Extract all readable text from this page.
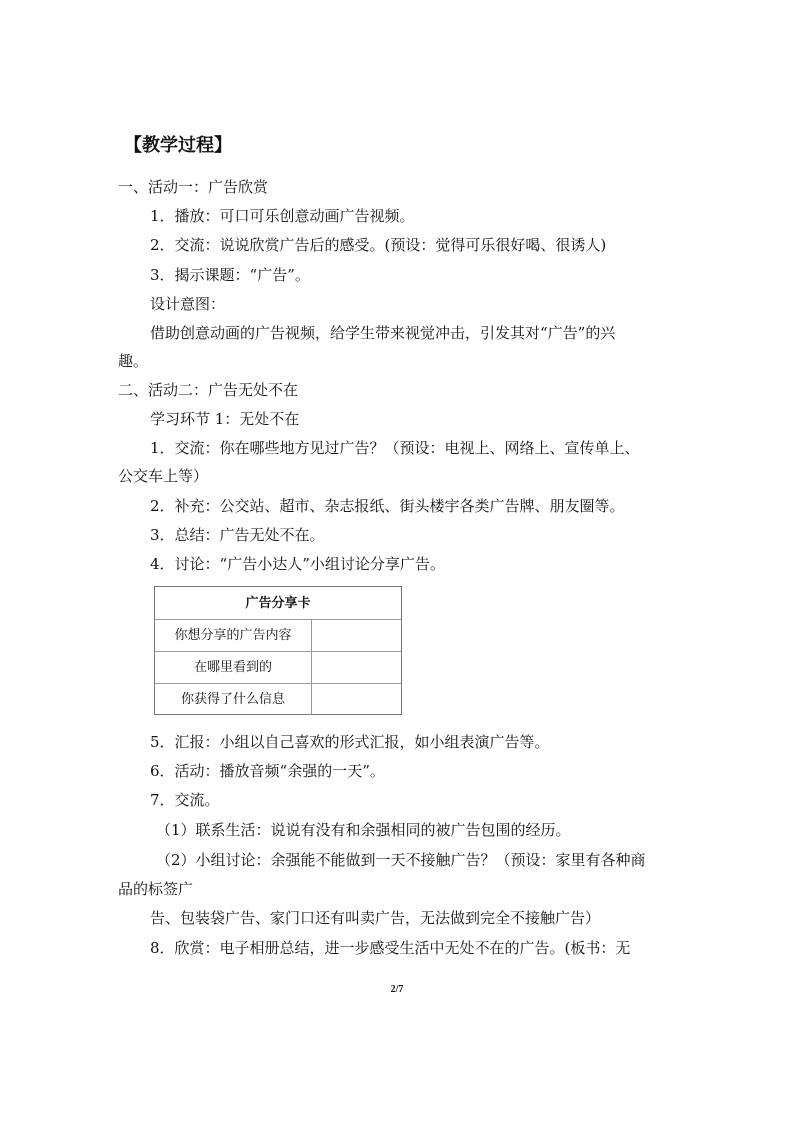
【教学过程】
一、活动一：广告欣赏
1．播放：可口可乐创意动画广告视频。
2．交流：说说欣赏广告后的感受。(预设：觉得可乐很好喝、很诱人)
3．揭示课题：“广告”。
设计意图：
借助创意动画的广告视频，给学生带来视觉冲击，引发其对“广告”的兴
趣。
二、活动二：广告无处不在
学习环节 1：无处不在
1．交流：你在哪些地方见过广告？（预设：电视上、网络上、宣传单上、
公交车上等）
2．补充：公交站、超市、杂志报纸、街头楼宇各类广告牌、朋友圈等。
3．总结：广告无处不在。
4．讨论：“广告小达人”小组讨论分享广告。
广告分享卡
你想分享的广告内容
在哪里看到的
你获得了什么信息
5．汇报：小组以自己喜欢的形式汇报，如小组表演广告等。
6．活动：播放音频“余强的一天”。
7．交流。
（1）联系生活：说说有没有和余强相同的被广告包围的经历。
（2）小组讨论：余强能不能做到一天不接触广告？（预设：家里有各种商
品的标签广
告、包装袋广告、家门口还有叫卖广告，无法做到完全不接触广告）
8．欣赏：电子相册总结，进一步感受生活中无处不在的广告。(板书：无
2/7
